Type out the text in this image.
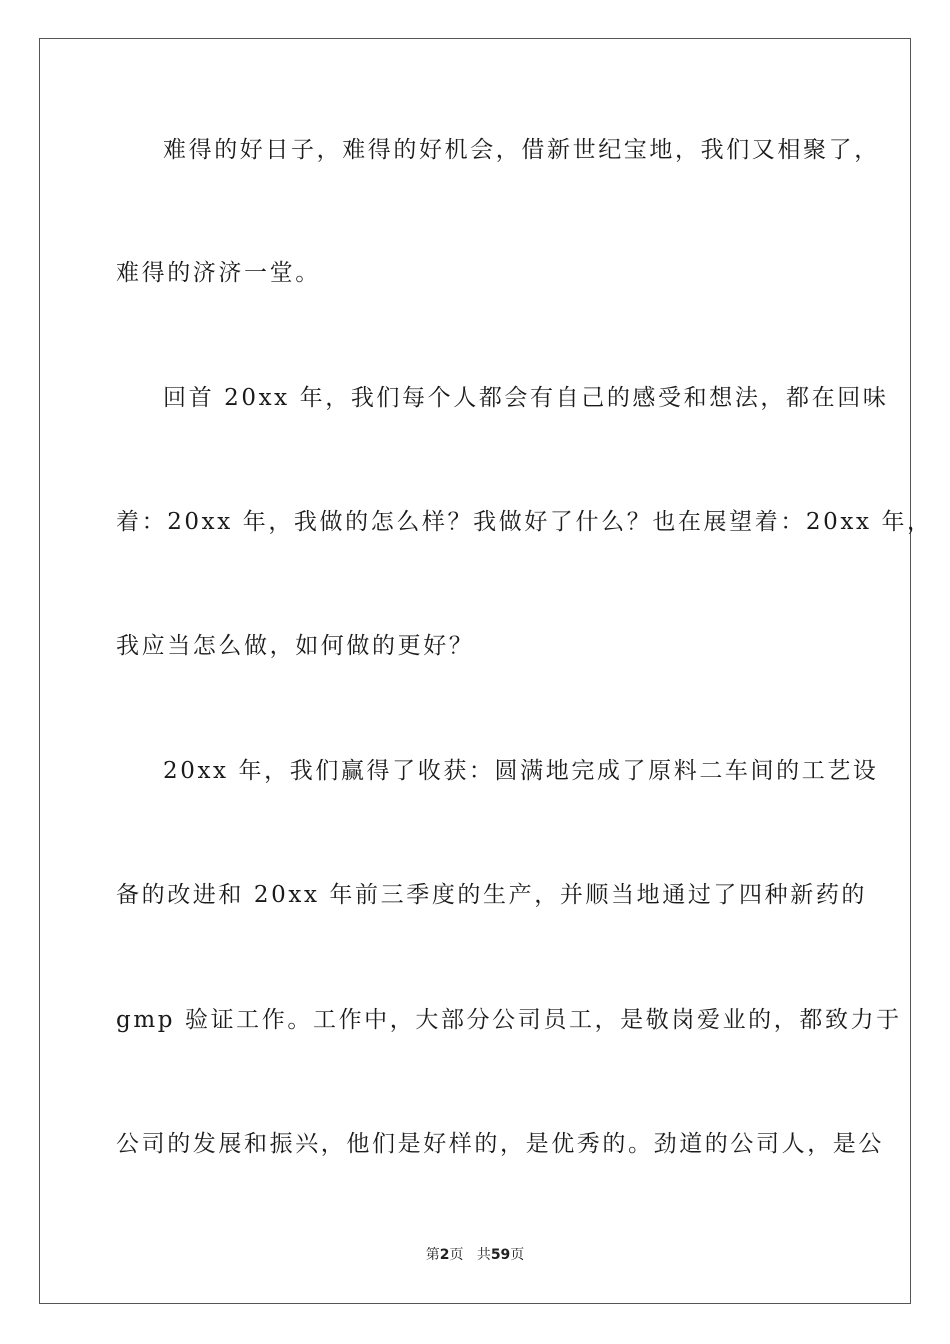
难得的好日子，难得的好机会，借新世纪宝地，我们又相聚了，
难得的济济一堂。
回首 20xx 年，我们每个人都会有自己的感受和想法，都在回味
着：20xx 年，我做的怎么样？我做好了什么？也在展望着：20xx 年，
我应当怎么做，如何做的更好？
20xx 年，我们赢得了收获：圆满地完成了原料二车间的工艺设
备的改进和 20xx 年前三季度的生产，并顺当地通过了四种新药的
gmp 验证工作。工作中，大部分公司员工，是敬岗爱业的，都致力于
公司的发展和振兴，他们是好样的，是优秀的。劲道的公司人，是公
第2页 共59页
